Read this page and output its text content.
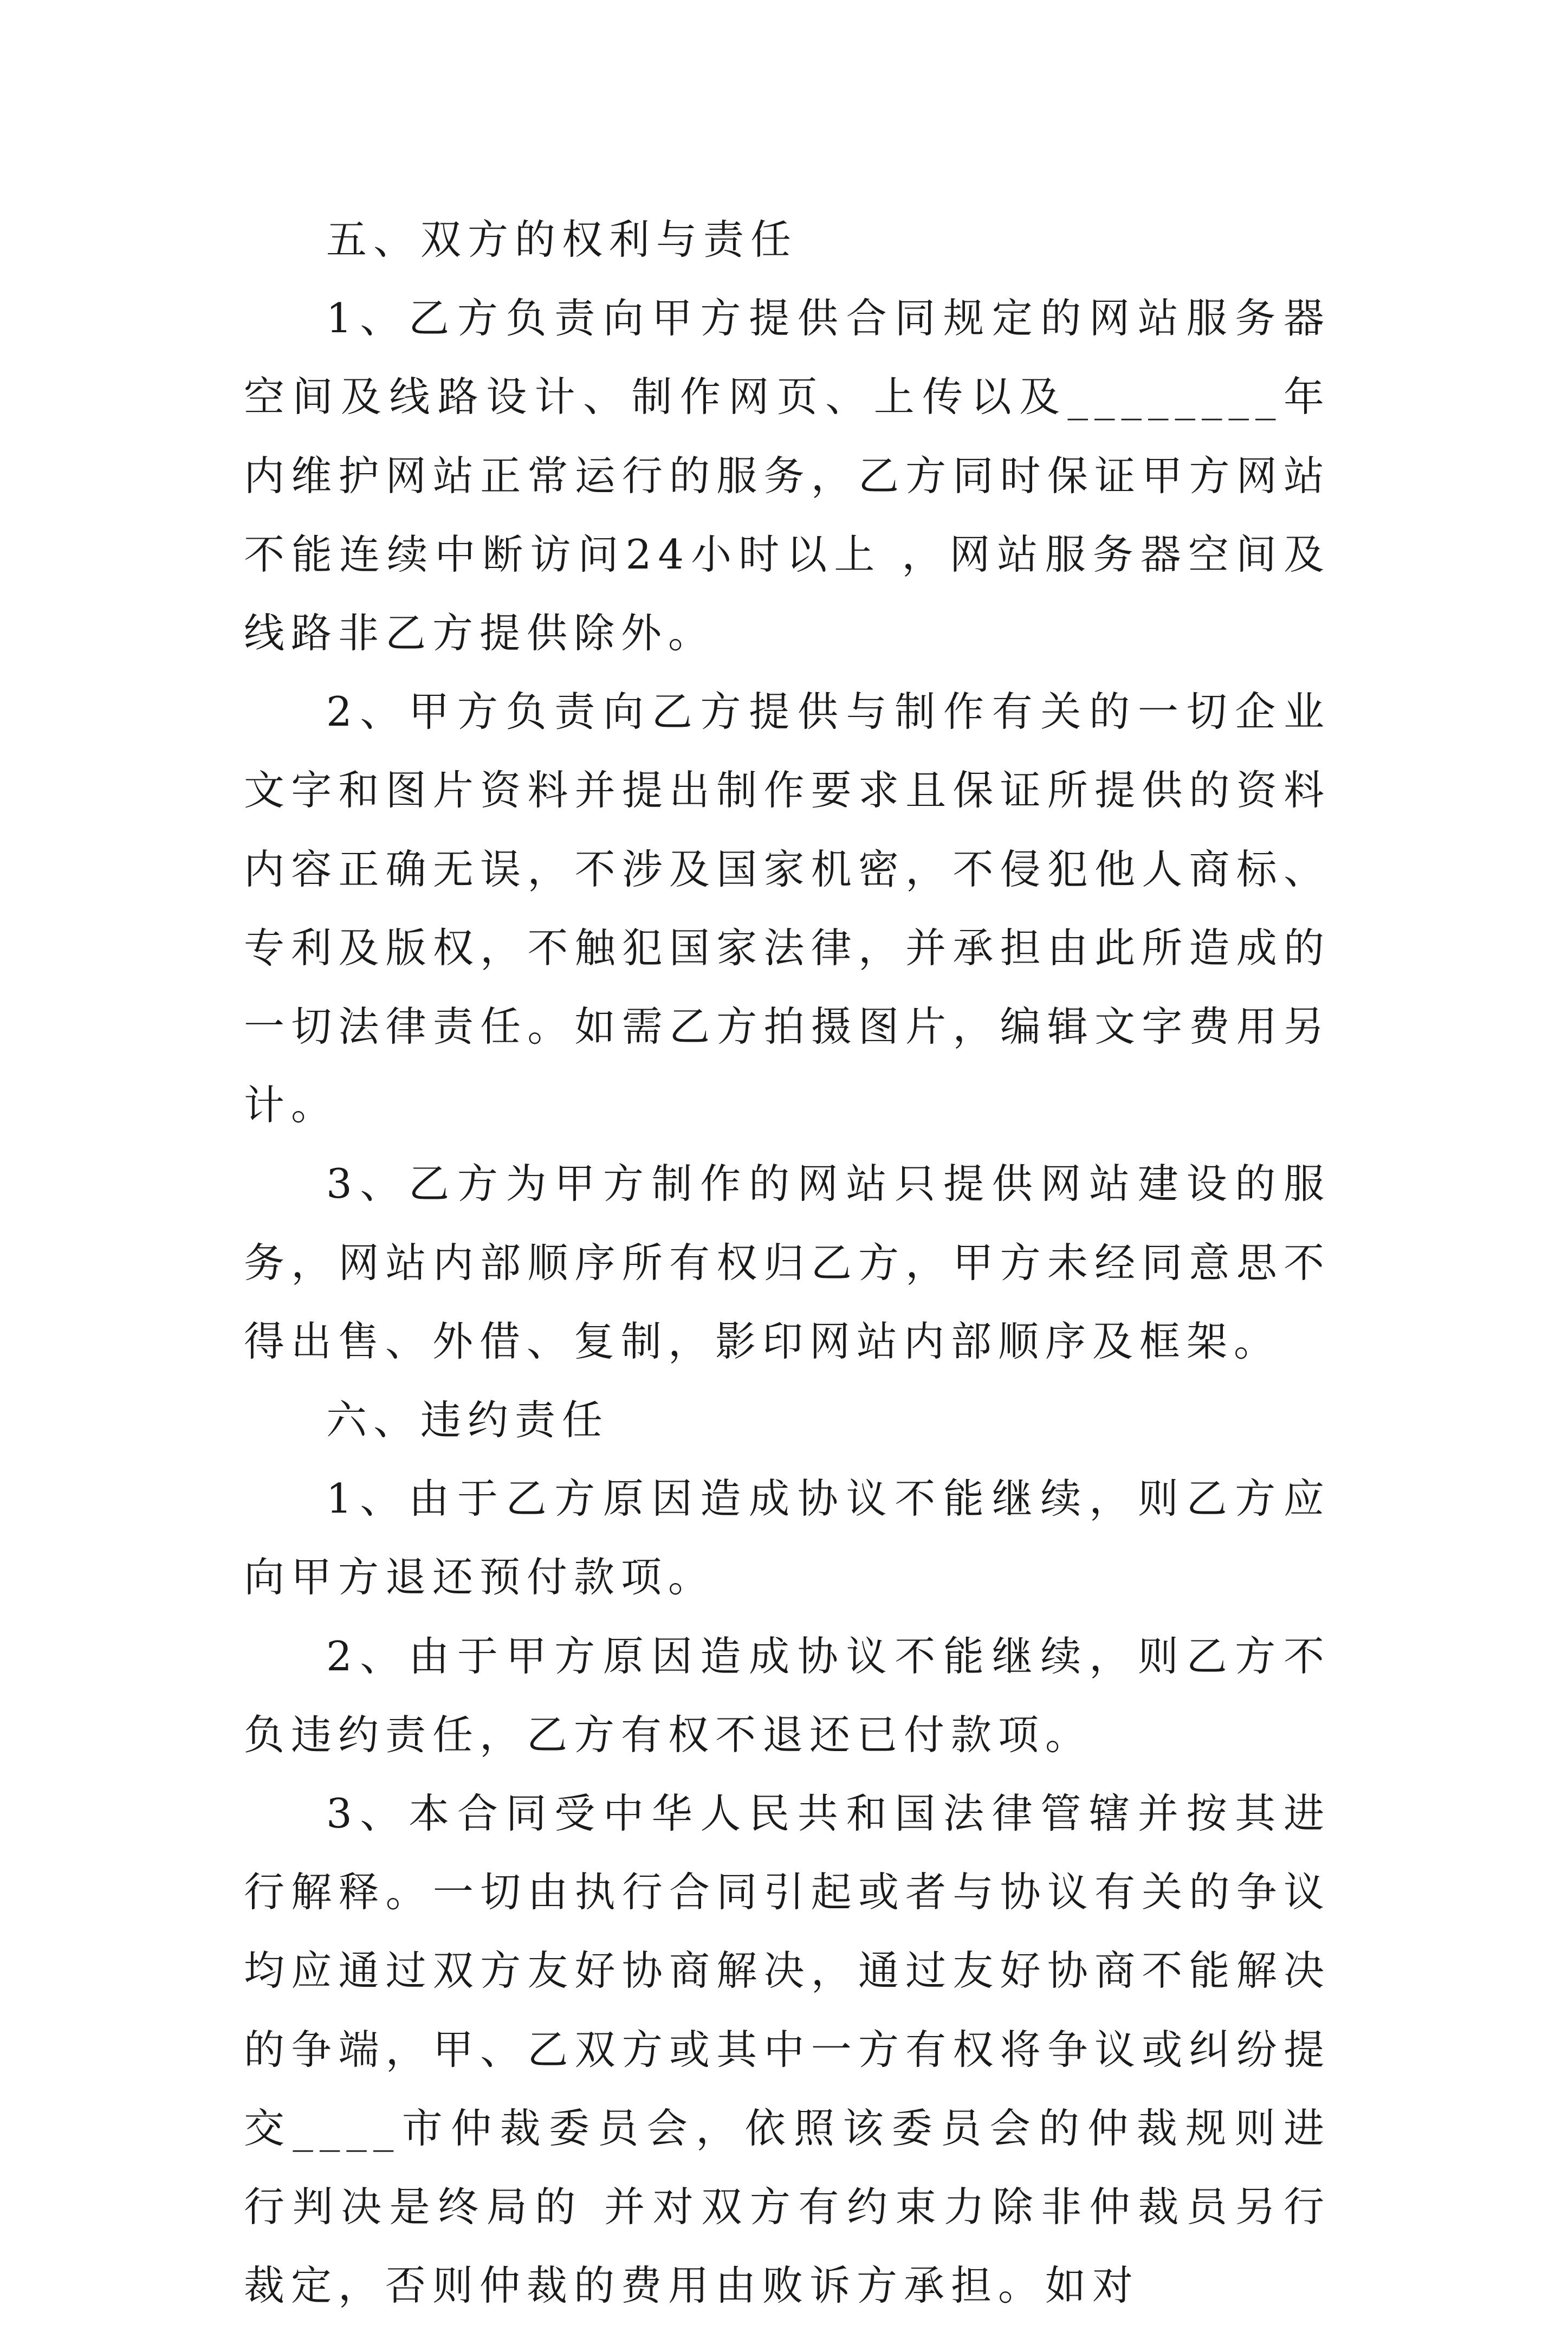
五、双方的权利与责任

1、乙方负责向甲方提供合同规定的网站服务器空间及线路设计、制作网页、上传以及________年内维护网站正常运行的服务，乙方同时保证甲方网站不能连续中断访问24小时以上 ，网站服务器空间及线路非乙方提供除外。

2、甲方负责向乙方提供与制作有关的一切企业文字和图片资料并提出制作要求且保证所提供的资料内容正确无误，不涉及国家机密，不侵犯他人商标、专利及版权，不触犯国家法律，并承担由此所造成的一切法律责任。如需乙方拍摄图片，编辑文字费用另计。

3、乙方为甲方制作的网站只提供网站建设的服务，网站内部顺序所有权归乙方，甲方未经同意思不得出售、外借、复制，影印网站内部顺序及框架。

六、违约责任

1、由于乙方原因造成协议不能继续，则乙方应向甲方退还预付款项。

2、由于甲方原因造成协议不能继续，则乙方不负违约责任，乙方有权不退还已付款项。

3、本合同受中华人民共和国法律管辖并按其进行解释。一切由执行合同引起或者与协议有关的争议均应通过双方友好协商解决，通过友好协商不能解决的争端，甲、乙双方或其中一方有权将争议或纠纷提交____市仲裁委员会，依照该委员会的仲裁规则进行判决是终局的 并对双方有约束力除非仲裁员另行裁定，否则仲裁的费用由败诉方承担。如对
